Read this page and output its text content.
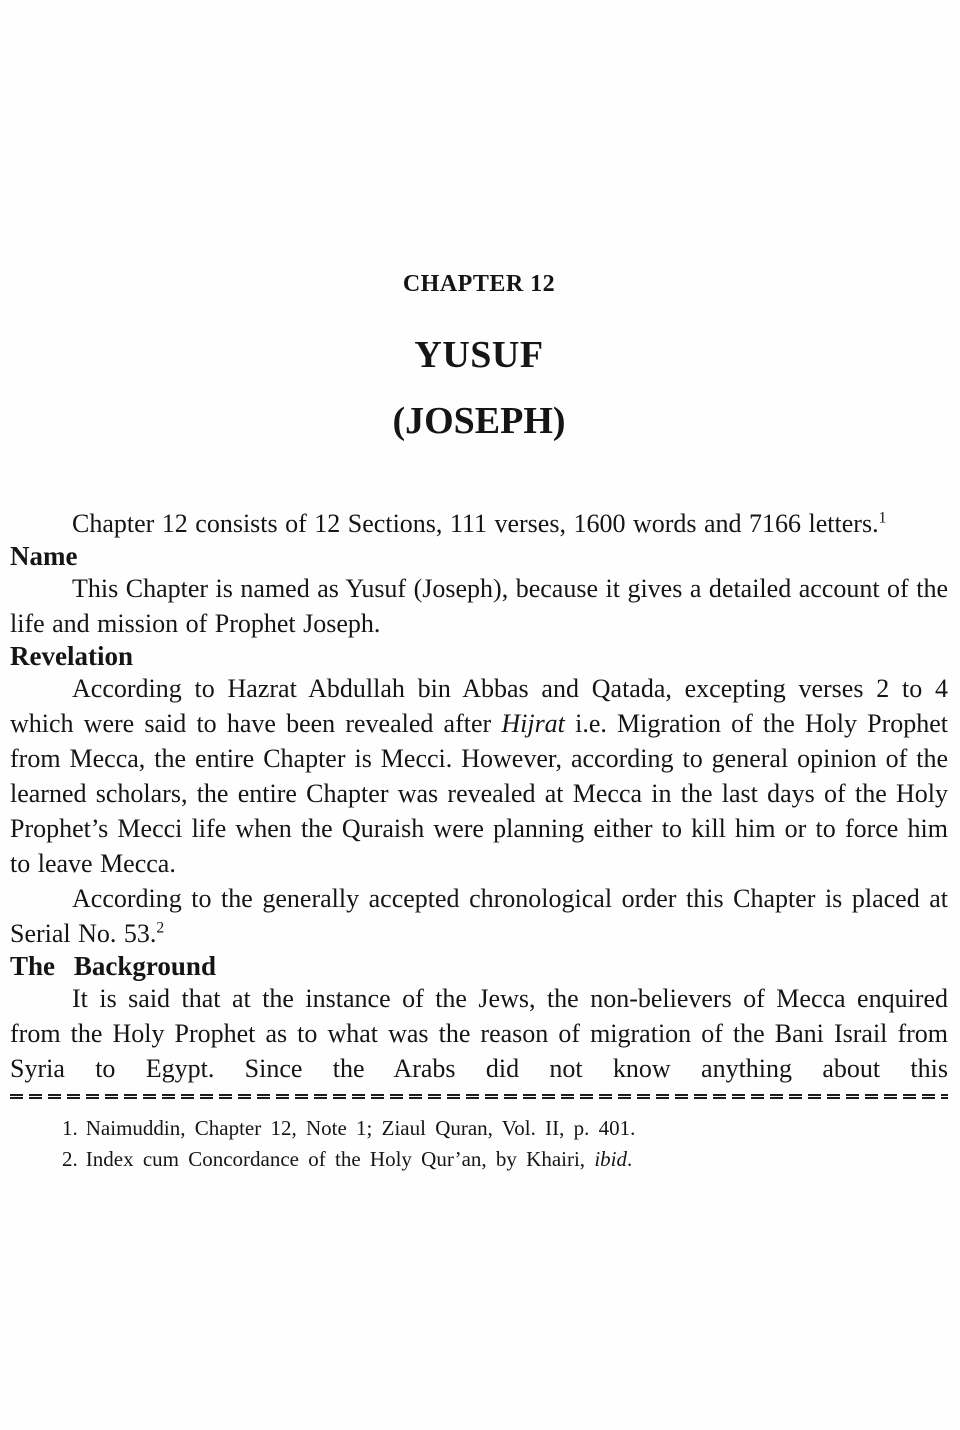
CHAPTER 12
YUSUF
(JOSEPH)

Chapter 12 consists of 12 Sections, 111 verses, 1600 words and 7166 letters.$^1$

Name

This Chapter is named as Yusuf (Joseph), because it gives a detailed account of the life and mission of Prophet Joseph.

Revelation

According to Hazrat Abdullah bin Abbas and Qatada, excepting verses 2 to 4 which were said to have been revealed after Hijrat i.e. Migration of the Holy Prophet from Mecca, the entire Chapter is Mecci. However, according to general opinion of the learned scholars, the entire Chapter was revealed at Mecca in the last days of the Holy Prophet’s Mecci life when the Quraish were planning either to kill him or to force him to leave Mecca.

According to the generally accepted chronological order this Chapter is placed at Serial No. 53.$^2$

The Background

It is said that at the instance of the Jews, the non-believers of Mecca enquired from the Holy Prophet as to what was the reason of migration of the Bani Israil from Syria to Egypt. Since the Arabs did not know anything about this

1. Naimuddin, Chapter 12, Note 1; Ziaul Quran, Vol. II, p. 401.

2. Index cum Concordance of the Holy Qur’an, by Khairi, ibid.
